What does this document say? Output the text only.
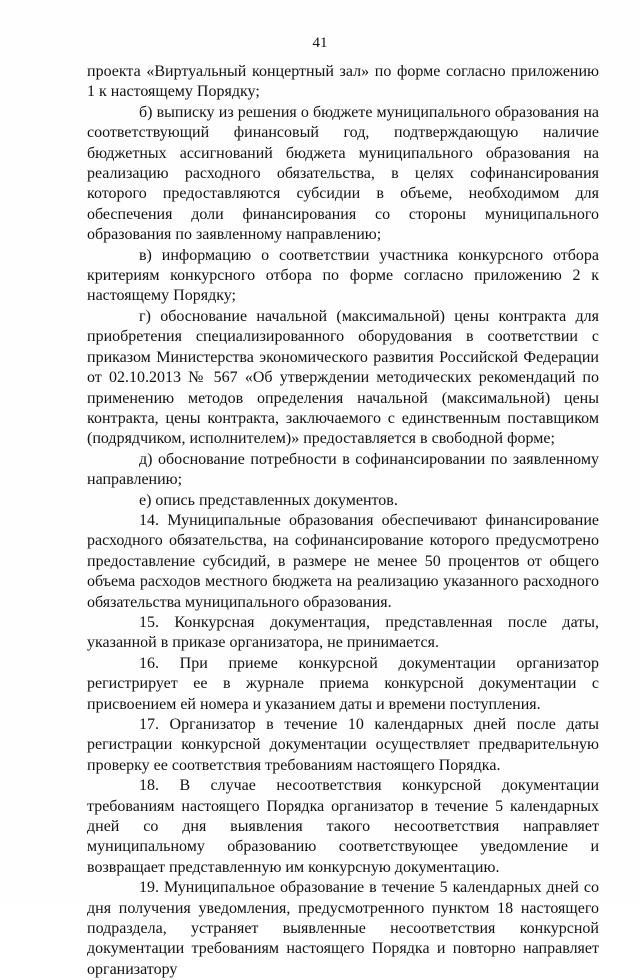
41

проекта «Виртуальный концертный зал» по форме согласно приложению 1 к настоящему Порядку;

б) выписку из решения о бюджете муниципального образования на соответствующий финансовый год, подтверждающую наличие бюджетных ассигнований бюджета муниципального образования на реализацию расходного обязательства, в целях софинансирования которого предоставляются субсидии в объеме, необходимом для обеспечения доли финансирования со стороны муниципального образования по заявленному направлению;

в) информацию о соответствии участника конкурсного отбора критериям конкурсного отбора по форме согласно приложению 2 к настоящему Порядку;

г) обоснование начальной (максимальной) цены контракта для приобретения специализированного оборудования в соответствии с приказом Министерства экономического развития Российской Федерации от 02.10.2013 № 567 «Об утверждении методических рекомендаций по применению методов определения начальной (максимальной) цены контракта, цены контракта, заключаемого с единственным поставщиком (подрядчиком, исполнителем)» предоставляется в свободной форме;

д) обоснование потребности в софинансировании по заявленному направлению;

е) опись представленных документов.

14. Муниципальные образования обеспечивают финансирование расходного обязательства, на софинансирование которого предусмотрено предоставление субсидий, в размере не менее 50 процентов от общего объема расходов местного бюджета на реализацию указанного расходного обязательства муниципального образования.

15. Конкурсная документация, представленная после даты, указанной в приказе организатора, не принимается.

16. При приеме конкурсной документации организатор регистрирует ее в журнале приема конкурсной документации с присвоением ей номера и указанием даты и времени поступления.

17. Организатор в течение 10 календарных дней после даты регистрации конкурсной документации осуществляет предварительную проверку ее соответствия требованиям настоящего Порядка.

18. В случае несоответствия конкурсной документации требованиям настоящего Порядка организатор в течение 5 календарных дней со дня выявления такого несоответствия направляет муниципальному образованию соответствующее уведомление и возвращает представленную им конкурсную документацию.

19. Муниципальное образование в течение 5 календарных дней со дня получения уведомления, предусмотренного пунктом 18 настоящего подраздела, устраняет выявленные несоответствия конкурсной документации требованиям настоящего Порядка и повторно направляет организатору
